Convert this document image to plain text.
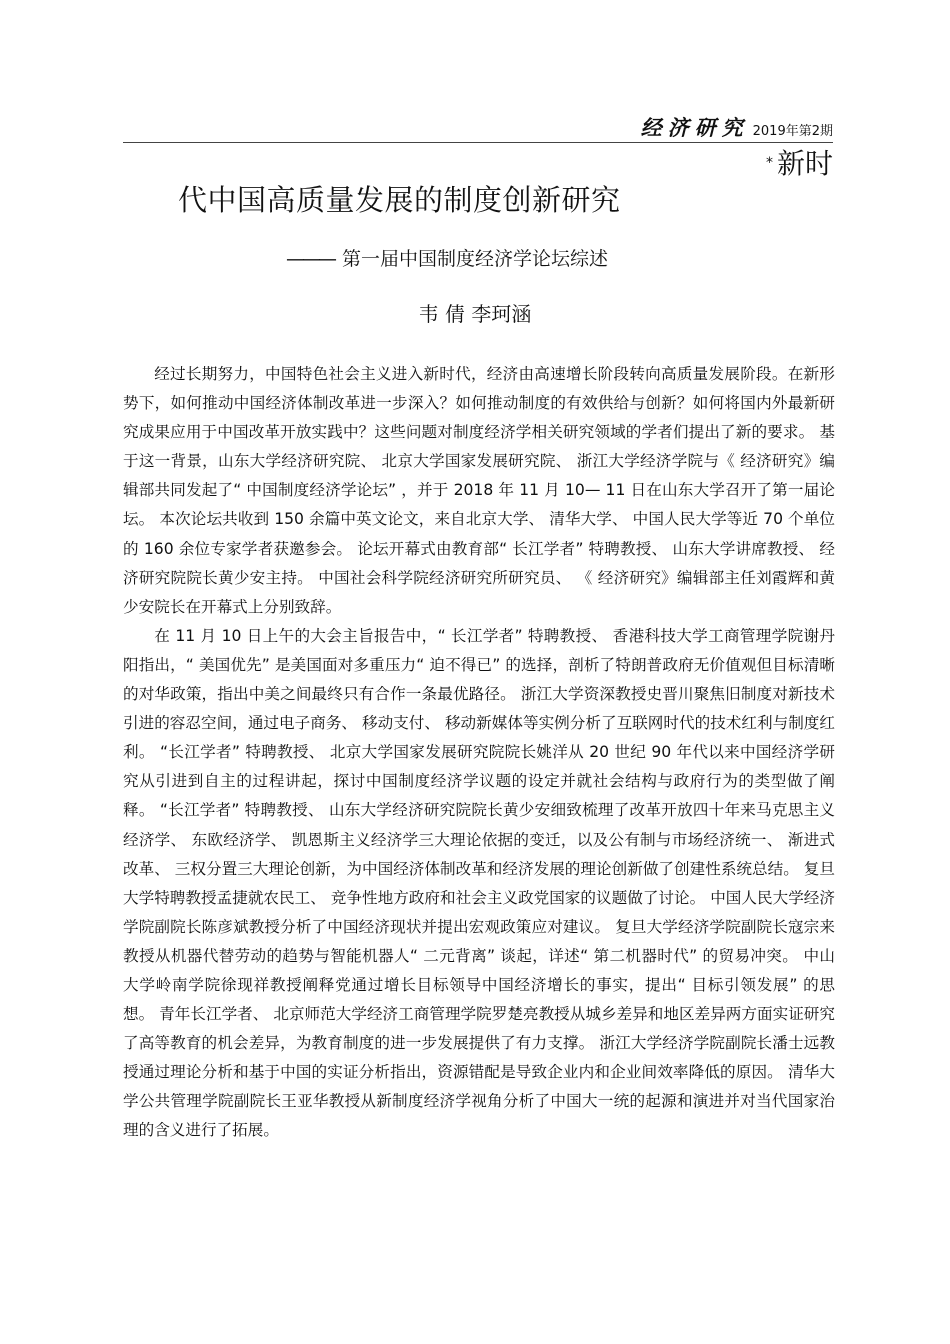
经济研究 2019年第2期
* 新时
代中国高质量发展的制度创新研究
——— 第一届中国制度经济学论坛综述
韦 倩 李珂涵

经过长期努力，中国特色社会主义进入新时代，经济由高速增长阶段转向高质量发展阶段。在新形势下，如何推动中国经济体制改革进一步深入？如何推动制度的有效供给与创新？如何将国内外最新研究成果应用于中国改革开放实践中？这些问题对制度经济学相关研究领域的学者们提出了新的要求。 基于这一背景，山东大学经济研究院、 北京大学国家发展研究院、 浙江大学经济学院与《 经济研究》编辑部共同发起了“ 中国制度经济学论坛” ，并于 2018 年 11 月 10— 11 日在山东大学召开了第一届论坛。 本次论坛共收到 150 余篇中英文论文，来自北京大学、 清华大学、 中国人民大学等近 70 个单位的 160 余位专家学者获邀参会。 论坛开幕式由教育部“ 长江学者” 特聘教授、 山东大学讲席教授、 经济研究院院长黄少安主持。 中国社会科学院经济研究所研究员、 《 经济研究》编辑部主任刘霞辉和黄少安院长在开幕式上分别致辞。

在 11 月 10 日上午的大会主旨报告中，“ 长江学者” 特聘教授、 香港科技大学工商管理学院谢丹阳指出，“ 美国优先” 是美国面对多重压力“ 迫不得已” 的选择，剖析了特朗普政府无价值观但目标清晰的对华政策，指出中美之间最终只有合作一条最优路径。 浙江大学资深教授史晋川聚焦旧制度对新技术引进的容忍空间，通过电子商务、 移动支付、 移动新媒体等实例分析了互联网时代的技术红利与制度红利。 “长江学者” 特聘教授、 北京大学国家发展研究院院长姚洋从 20 世纪 90 年代以来中国经济学研究从引进到自主的过程讲起，探讨中国制度经济学议题的设定并就社会结构与政府行为的类型做了阐释。 “长江学者” 特聘教授、 山东大学经济研究院院长黄少安细致梳理了改革开放四十年来马克思主义经济学、 东欧经济学、 凯恩斯主义经济学三大理论依据的变迁，以及公有制与市场经济统一、 渐进式改革、 三权分置三大理论创新，为中国经济体制改革和经济发展的理论创新做了创建性系统总结。 复旦大学特聘教授孟捷就农民工、 竞争性地方政府和社会主义政党国家的议题做了讨论。 中国人民大学经济学院副院长陈彦斌教授分析了中国经济现状并提出宏观政策应对建议。 复旦大学经济学院副院长寇宗来教授从机器代替劳动的趋势与智能机器人“ 二元背离” 谈起，详述“ 第二机器时代” 的贸易冲突。 中山大学岭南学院徐现祥教授阐释党通过增长目标领导中国经济增长的事实，提出“ 目标引领发展” 的思想。 青年长江学者、 北京师范大学经济工商管理学院罗楚亮教授从城乡差异和地区差异两方面实证研究了高等教育的机会差异，为教育制度的进一步发展提供了有力支撑。 浙江大学经济学院副院长潘士远教授通过理论分析和基于中国的实证分析指出，资源错配是导致企业内和企业间效率降低的原因。 清华大学公共管理学院副院长王亚华教授从新制度经济学视角分析了中国大一统的起源和演进并对当代国家治理的含义进行了拓展。
